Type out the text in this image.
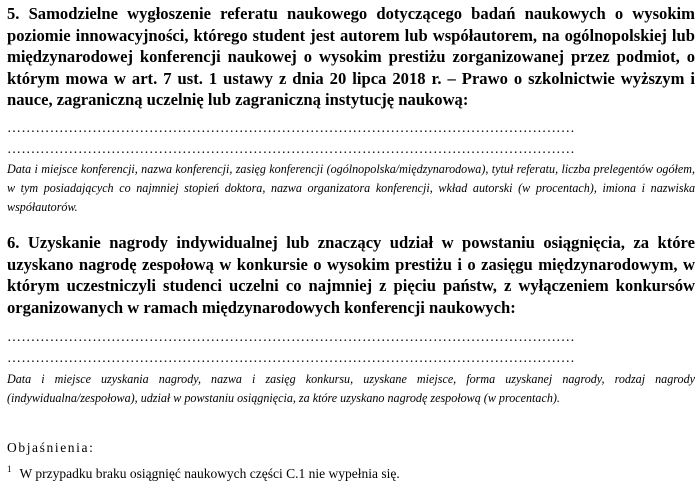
5. Samodzielne wygłoszenie referatu naukowego dotyczącego badań naukowych o wysokim poziomie innowacyjności, którego student jest autorem lub współautorem, na ogólnopolskiej lub międzynarodowej konferencji naukowej o wysokim prestiżu zorganizowanej przez podmiot, o którym mowa w art. 7 ust. 1 ustawy z dnia 20 lipca 2018 r. – Prawo o szkolnictwie wyższym i nauce, zagraniczną uczelnię lub zagraniczną instytucję naukową:
…………………………………………………………………………………………………………
…………………………………………………………………………………………………………
Data i miejsce konferencji, nazwa konferencji, zasięg konferencji (ogólnopolska/międzynarodowa), tytuł referatu, liczba prelegentów ogółem, w tym posiadających co najmniej stopień doktora, nazwa organizatora konferencji, wkład autorski (w procentach), imiona i nazwiska współautorów.
6. Uzyskanie nagrody indywidualnej lub znaczący udział w powstaniu osiągnięcia, za które uzyskano nagrodę zespołową w konkursie o wysokim prestiżu i o zasięgu międzynarodowym, w którym uczestniczyli studenci uczelni co najmniej z pięciu państw, z wyłączeniem konkursów organizowanych w ramach międzynarodowych konferencji naukowych:
…………………………………………………………………………………………………………
…………………………………………………………………………………………………………
Data i miejsce uzyskania nagrody, nazwa i zasięg konkursu, uzyskane miejsce, forma uzyskanej nagrody, rodzaj nagrody (indywidualna/zespołowa), udział w powstaniu osiągnięcia, za które uzyskano nagrodę zespołową (w procentach).
Objaśnienia:
$^1$ W przypadku braku osiągnięć naukowych części C.1 nie wypełnia się.
